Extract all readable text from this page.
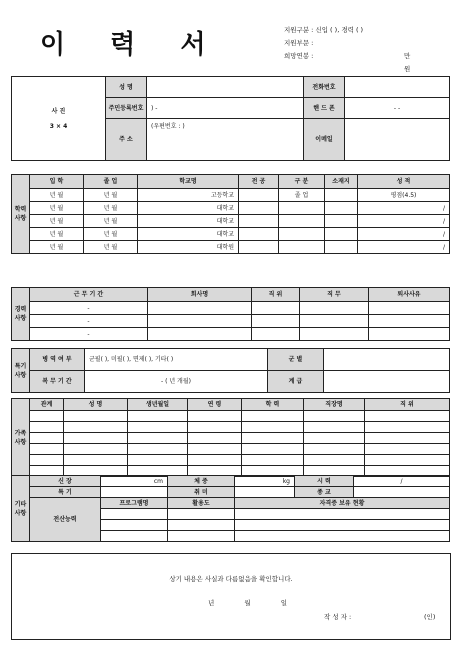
이 력 서	지원구분 : 신입 ( ), 경력 ( )
지원부문 :
희망연봉 :	만원
사 진
3 × 4	성 명		전화번호	
	주민등록번호	) -	핸 드 폰	- -
	주 소	(우편번호 : )	이메일	

학력사항	입 학	졸 업	학교명	전 공	구 분	소재지	성 적
	년 월	년 월	고등학교		졸 업		평점(4.5)
	년 월	년 월	대학교				/
	년 월	년 월	대학교				/
	년 월	년 월	대학교				/
	년 월	년 월	대학원				/
경력사항	근 무 기 간	회사명	직 위	직 무	퇴사사유
	-				
	-				
	-				
특기사항	병 역 여 부	군필( ), 미필( ), 면제( ), 기타( )	군 별	
	복 무 기 간	- ( 년 개월)	계 급	
가족사항	관계	성 명	생년월일	연 령	학 력	직장명	직 위

기타사항	신 장	cm	체 중	kg	시 력	/
	특 기		취 미		종 교	
	전산능력	프로그램명	활용도	자격증 보유 현황		

상기 내용은 사실과 다름없음을 확인합니다.
년 월 일
작 성 자 :	(인)
